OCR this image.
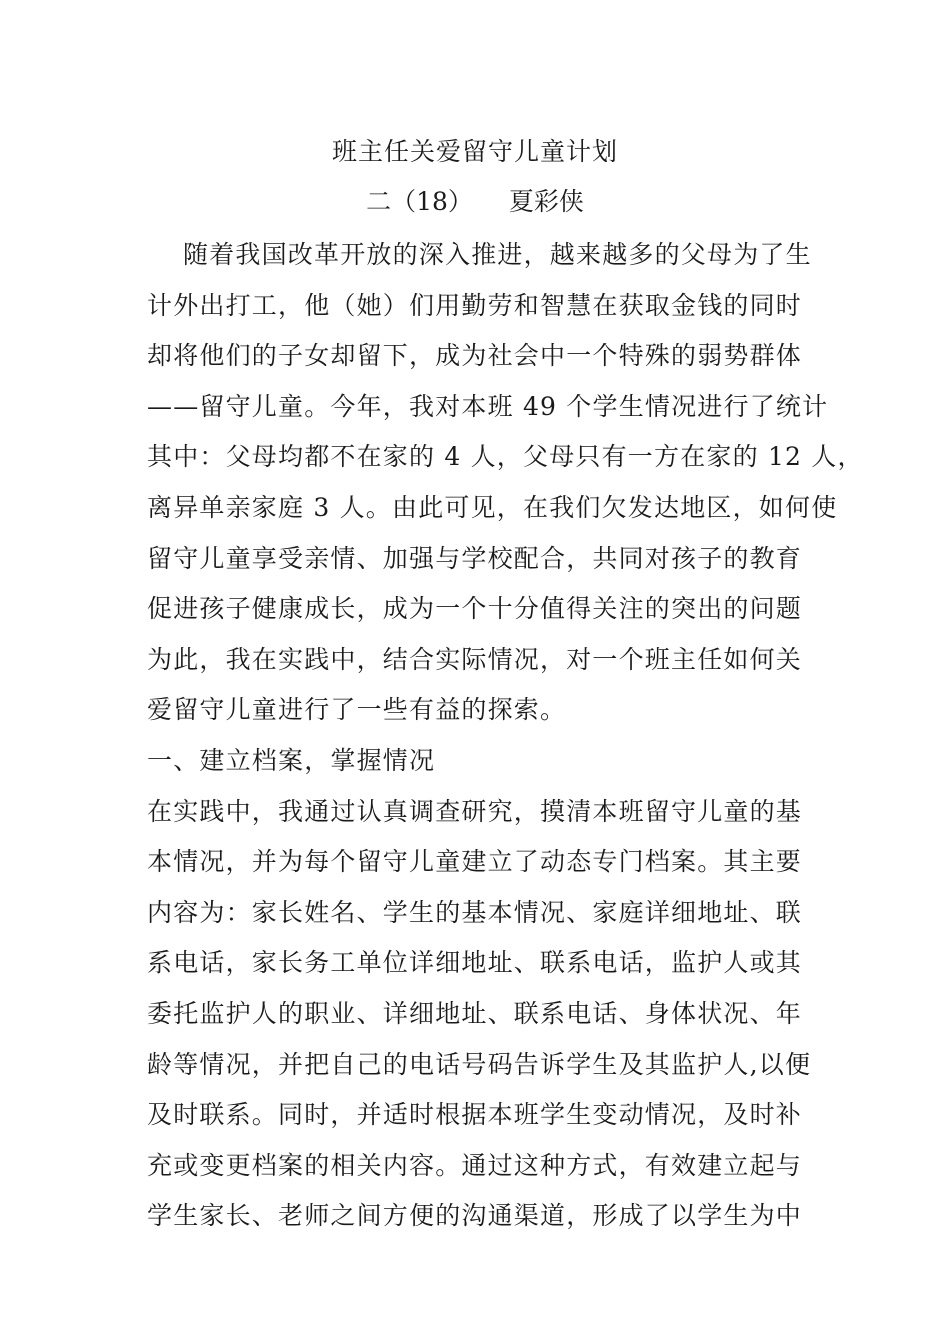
班主任关爱留守儿童计划
二（18） 夏彩侠
随着我国改革开放的深入推进，越来越多的父母为了生
计外出打工，他（她）们用勤劳和智慧在获取金钱的同时
却将他们的子女却留下，成为社会中一个特殊的弱势群体
——留守儿童。今年，我对本班 49 个学生情况进行了统计
其中：父母均都不在家的 4 人，父母只有一方在家的 12 人，
离异单亲家庭 3 人。由此可见，在我们欠发达地区，如何使
留守儿童享受亲情、加强与学校配合，共同对孩子的教育
促进孩子健康成长，成为一个十分值得关注的突出的问题
为此，我在实践中，结合实际情况，对一个班主任如何关
爱留守儿童进行了一些有益的探索。
一、建立档案，掌握情况
在实践中，我通过认真调查研究，摸清本班留守儿童的基
本情况，并为每个留守儿童建立了动态专门档案。其主要
内容为：家长姓名、学生的基本情况、家庭详细地址、联
系电话，家长务工单位详细地址、联系电话，监护人或其
委托监护人的职业、详细地址、联系电话、身体状况、年
龄等情况，并把自己的电话号码告诉学生及其监护人,以便
及时联系。同时，并适时根据本班学生变动情况，及时补
充或变更档案的相关内容。通过这种方式，有效建立起与
学生家长、老师之间方便的沟通渠道，形成了以学生为中
